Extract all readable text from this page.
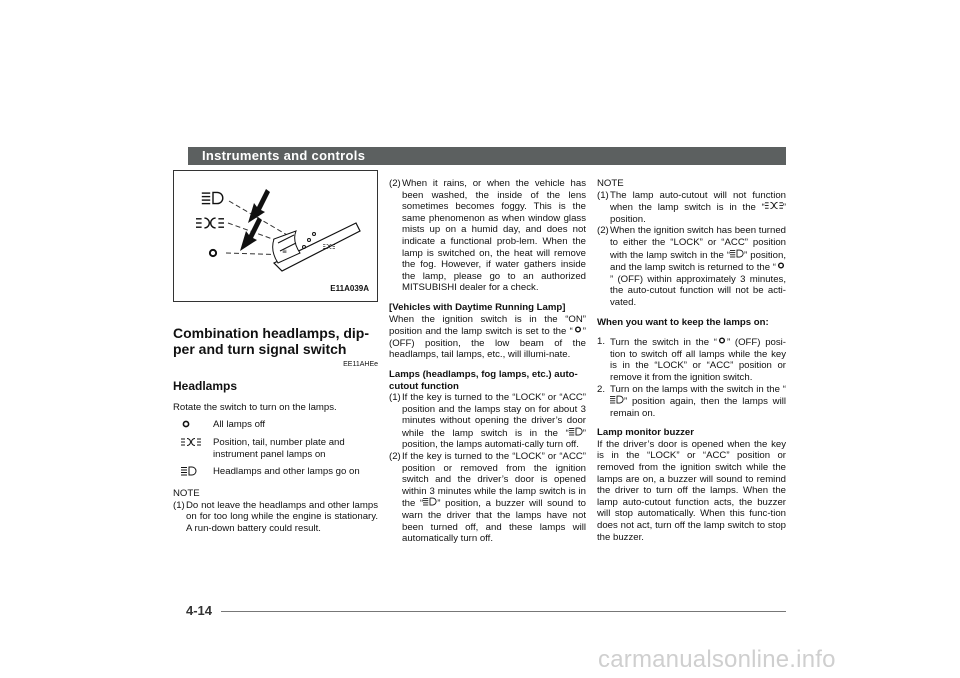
Instruments and controls
≡
E11A039A
Combination headlamps, dip-per and turn signal switch
EE11AHEe
Headlamps

Rotate the switch to turn on the lamps.

All lamps off
Position, tail, number plate and instrument panel lamps on
Headlamps and other lamps go on
NOTE
(1) Do not leave the headlamps and other lamps on for too long while the engine is stationary. A run-down battery could result.
(2) When it rains, or when the vehicle has been washed, the inside of the lens sometimes becomes foggy. This is the same phenomenon as when window glass mists up on a humid day, and does not indicate a functional prob-lem. When the lamp is switched on, the heat will remove the fog. However, if water gathers inside the lamp, please go to an authorized MITSUBISHI dealer for a check.
[Vehicles with Daytime Running Lamp]

When the ignition switch is in the “ON” position and the lamp switch is set to the “ ” (OFF) position, the low beam of the headlamps, tail lamps, etc., will illumi-nate.

Lamps (headlamps, fog lamps, etc.) auto-cutout function
(1) If the key is turned to the “LOCK” or “ACC” position and the lamps stay on for about 3 minutes without opening the driver’s door while the lamp switch is in the “ ” position, the lamps automati-cally turn off.
(2) If the key is turned to the “LOCK” or “ACC” position or removed from the ignition switch and the driver’s door is opened within 3 minutes while the lamp switch is in the “ ” position, a buzzer will sound to warn the driver that the lamps have not been turned off, and these lamps will automatically turn off.
NOTE
(1) The lamp auto-cutout will not function when the lamp switch is in the “ ” position.
(2) When the ignition switch has been turned to either the “LOCK” or “ACC” position with the lamp switch in the “ ” position, and the lamp switch is returned to the “” (OFF) within approximately 3 minutes, the auto-cutout function will not be acti-vated.
When you want to keep the lamps on:
1. Turn the switch in the “ ” (OFF) posi-tion to switch off all lamps while the key is in the “LOCK” or “ACC” position or remove it from the ignition switch.
2. Turn on the lamps with the switch in the “” position again, then the lamps will remain on.
Lamp monitor buzzer

If the driver’s door is opened when the key is in the “LOCK” or “ACC” position or removed from the ignition switch while the lamps are on, a buzzer will sound to remind the driver to turn off the lamps. When the lamp auto-cutout function acts, the buzzer will stop automatically. When this func-tion does not act, turn off the lamp switch to stop the buzzer.

4-14
carmanualsonline.info
